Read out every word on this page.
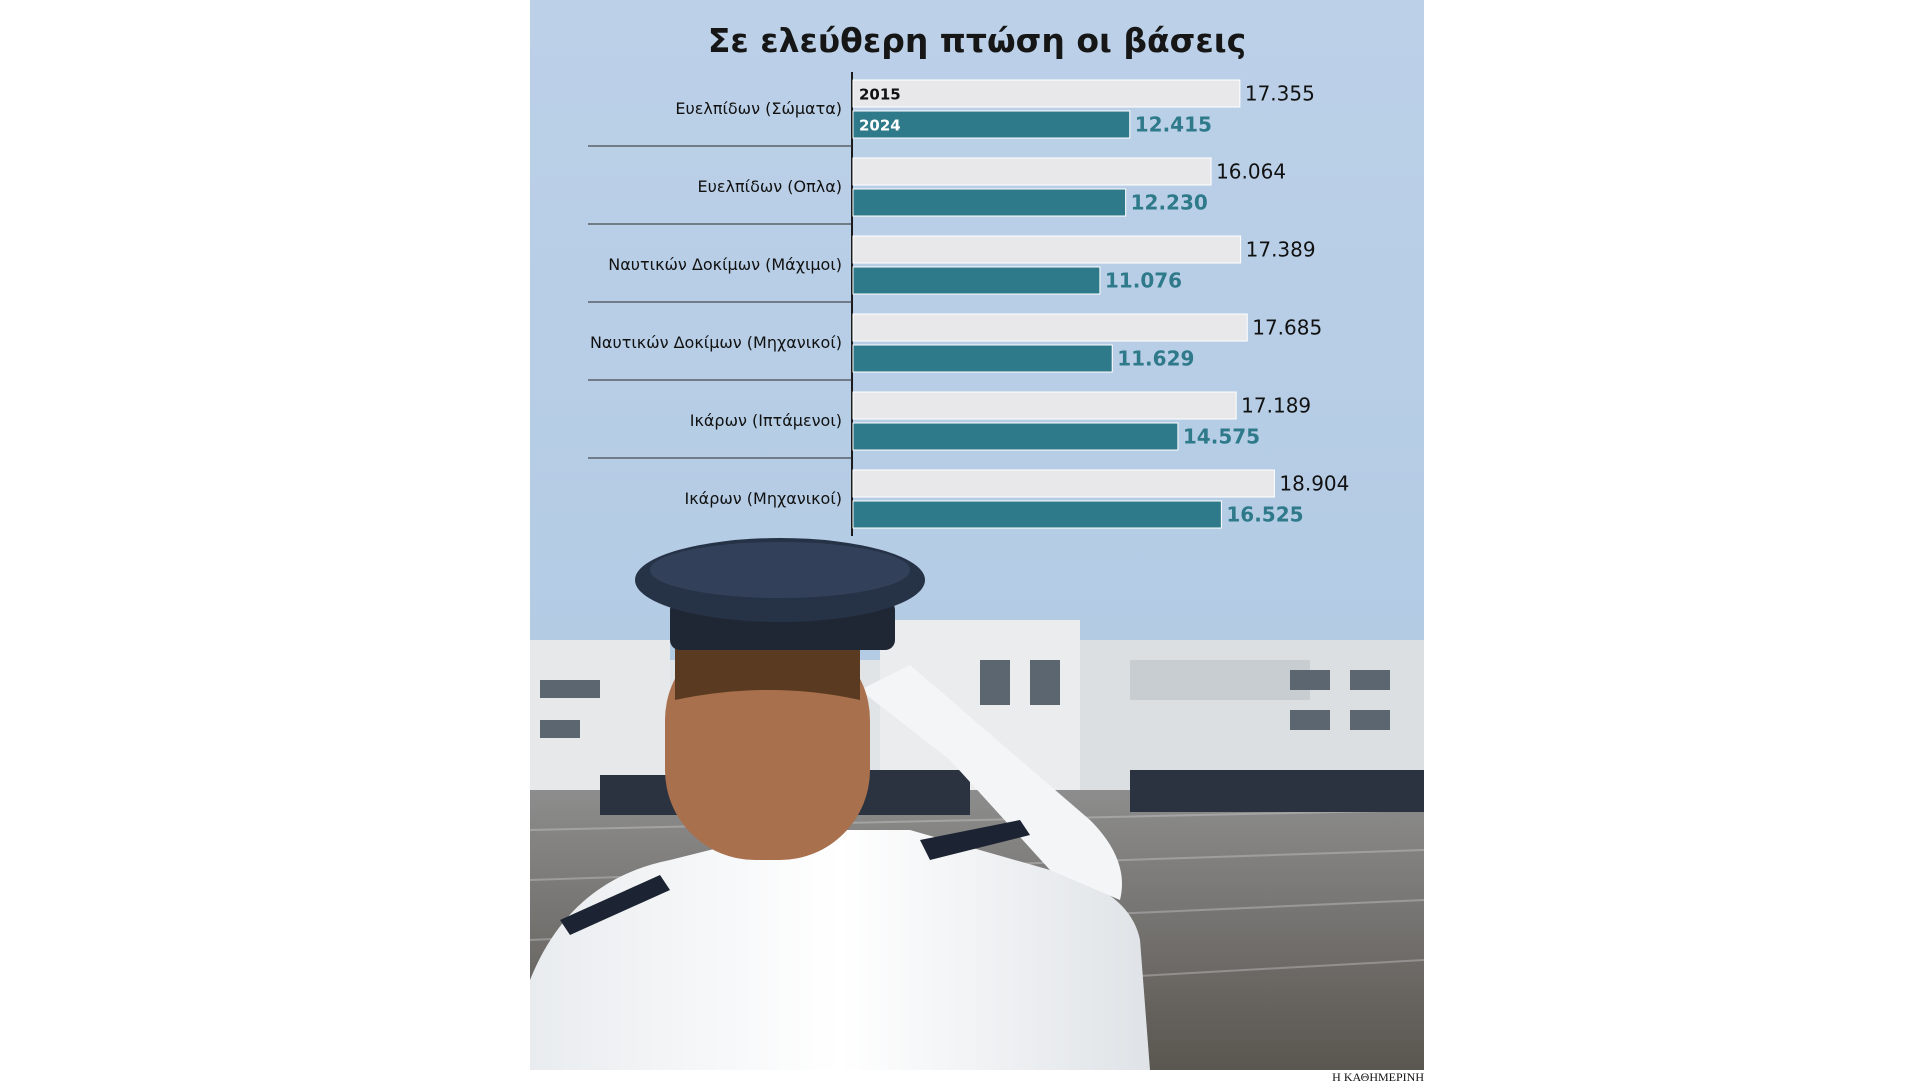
Σε ελεύθερη πτώση οι βάσεις
Ευελπίδων (Σώματα)
17.355
12.415
2015
2024
Ευελπίδων (Οπλα)
16.064
12.230
Ναυτικών Δοκίμων (Μάχιμοι)
17.389
11.076
Ναυτικών Δοκίμων (Μηχανικοί)
17.685
11.629
Ικάρων (Ιπτάμενοι)
17.189
14.575
Ικάρων (Μηχανικοί)
18.904
16.525
Η ΚΑΘΗΜΕΡΙΝΗ
